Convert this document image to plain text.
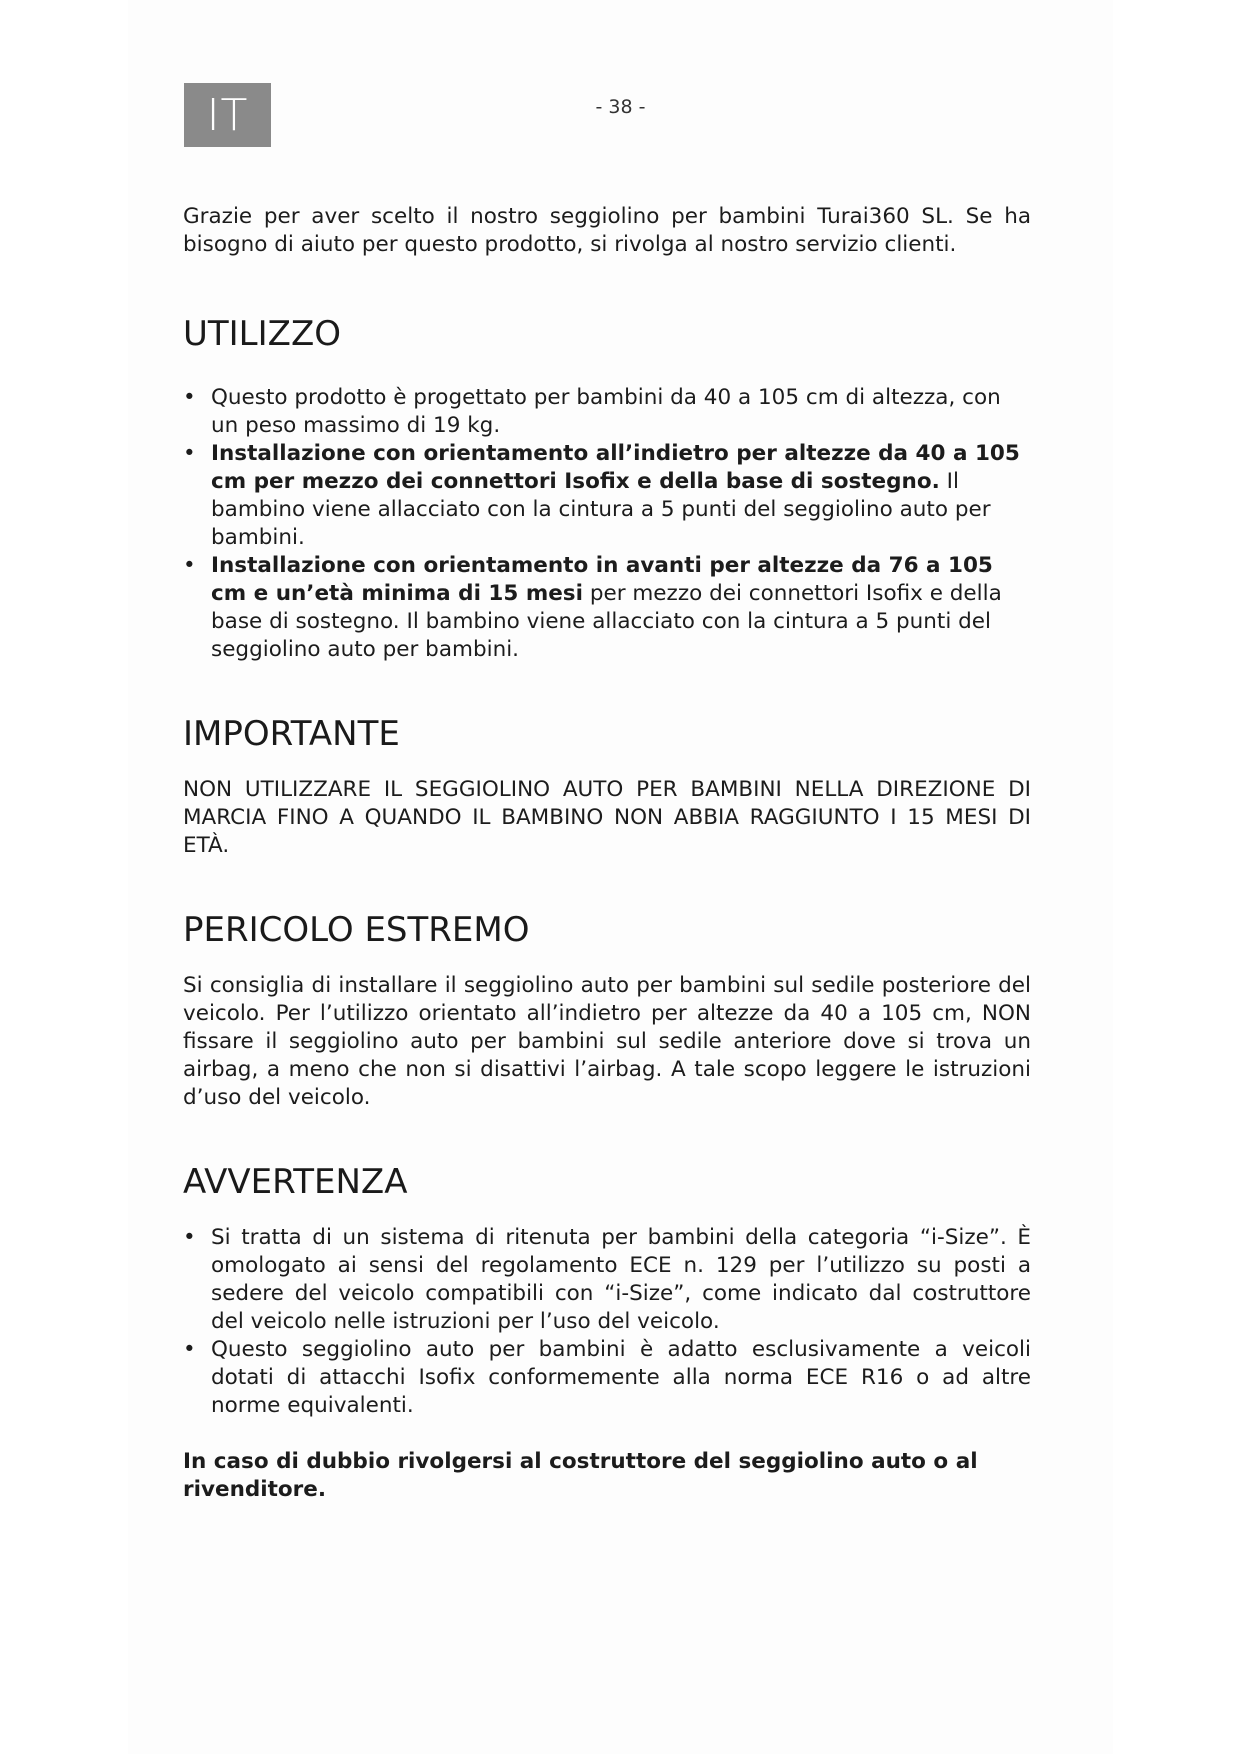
IT	- 38 -

Grazie per aver scelto il nostro seggiolino per bambini Turai360 SL. Se ha bisogno di aiuto per questo prodotto, si rivolga al nostro servizio clienti.

UTILIZZO
• Questo prodotto è progettato per bambini da 40 a 105 cm di altezza, con un peso massimo di 19 kg.
• Installazione con orientamento all’indietro per altezze da 40 a 105 cm per mezzo dei connettori Isofix e della base di sostegno. Il bambino viene allacciato con la cintura a 5 punti del seggiolino auto per bambini.
• Installazione con orientamento in avanti per altezze da 76 a 105 cm e un’età minima di 15 mesi per mezzo dei connettori Isofix e della base di sostegno. Il bambino viene allacciato con la cintura a 5 punti del seggiolino auto per bambini.
IMPORTANTE

NON UTILIZZARE IL SEGGIOLINO AUTO PER BAMBINI NELLA DIREZIONE DI MARCIA FINO A QUANDO IL BAMBINO NON ABBIA RAGGIUNTO I 15 MESI DI ETÀ.

PERICOLO ESTREMO

Si consiglia di installare il seggiolino auto per bambini sul sedile posteriore del veicolo. Per l’utilizzo orientato all’indietro per altezze da 40 a 105 cm, NON fissare il seggiolino auto per bambini sul sedile anteriore dove si trova un airbag, a meno che non si disattivi l’airbag. A tale scopo leggere le istruzioni d’uso del veicolo.

AVVERTENZA
• Si tratta di un sistema di ritenuta per bambini della categoria “i-Size”. È omologato ai sensi del regolamento ECE n. 129 per l’utilizzo su posti a sedere del veicolo compatibili con “i-Size”, come indicato dal costruttore del veicolo nelle istruzioni per l’uso del veicolo.
• Questo seggiolino auto per bambini è adatto esclusivamente a veicoli dotati di attacchi Isofix conformemente alla norma ECE R16 o ad altre norme equivalenti.

In caso di dubbio rivolgersi al costruttore del seggiolino auto o al rivenditore.
